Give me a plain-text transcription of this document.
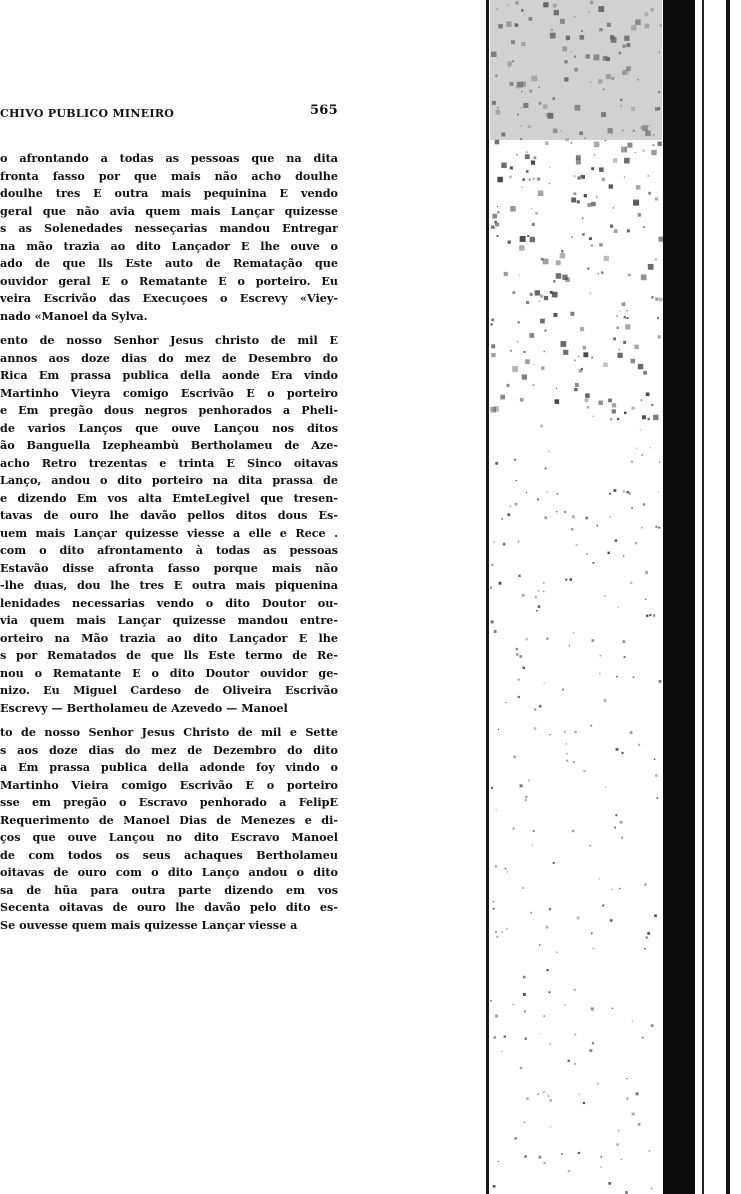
CHIVO PUBLICO MINEIRO	565
o afrontando a todas as pessoas que na dita
fronta fasso por que mais não acho doulhe
doulhe tres E outra mais pequinina E vendo
geral que não avia quem mais Lançar quizesse
s as Solenedades nesseçarias mandou Entregar
na mão trazia ao dito Lançador E lhe ouve o
ado de que lls Este auto de Rematação que
ouvidor geral E o Rematante E o porteiro. Eu
veira Escrivão das Execuçoes o Escrevy «Viey-
nado «Manoel da Sylva.
ento de nosso Senhor Jesus christo de mil E
annos aos doze dias do mez de Desembro do
Rica Em prassa publica della aonde Era vindo
Martinho Vieyra comigo Escrivão E o porteiro
e Em pregão dous negros penhorados a Pheli-
de varios Lanços que ouve Lançou nos ditos
ão Banguella Izepheambù Bertholameu de Aze-
acho Retro trezentas e trinta E Sinco oitavas
Lanço, andou o dito porteiro na dita prassa de
e dizendo Em vos alta EmteLegivel que tresen-
tavas de ouro lhe davão pellos ditos dous Es-
uem mais Lançar quizesse viesse a elle e Rece .
com o dito afrontamento à todas as pessoas
Estavão disse afronta fasso porque mais não
-lhe duas, dou lhe tres E outra mais piquenina
lenidades necessarias vendo o dito Doutor ou-
via quem mais Lançar quizesse mandou entre-
orteiro na Mão trazia ao dito Lançador E lhe
s por Rematados de que lls Este termo de Re-
nou o Rematante E o dito Doutor ouvidor ge-
nizo. Eu Miguel Cardeso de Oliveira Escrivão
Escrevy — Bertholameu de Azevedo — Manoel
to de nosso Senhor Jesus Christo de mil e Sette
s aos doze dias do mez de Dezembro do dito
a Em prassa publica della adonde foy vindo o
Martinho Vieira comigo Escrivão E o porteiro
sse em pregão o Escravo penhorado a FelipE
Requerimento de Manoel Dias de Menezes e di-
ços que ouve Lançou no dito Escravo Manoel
de com todos os seus achaques Bertholameu
oitavas de ouro com o dito Lanço andou o dito
sa de hũa para outra parte dizendo em vos
Secenta oitavas de ouro lhe davão pelo dito es-
Se ouvesse quem mais quizesse Lançar viesse a
